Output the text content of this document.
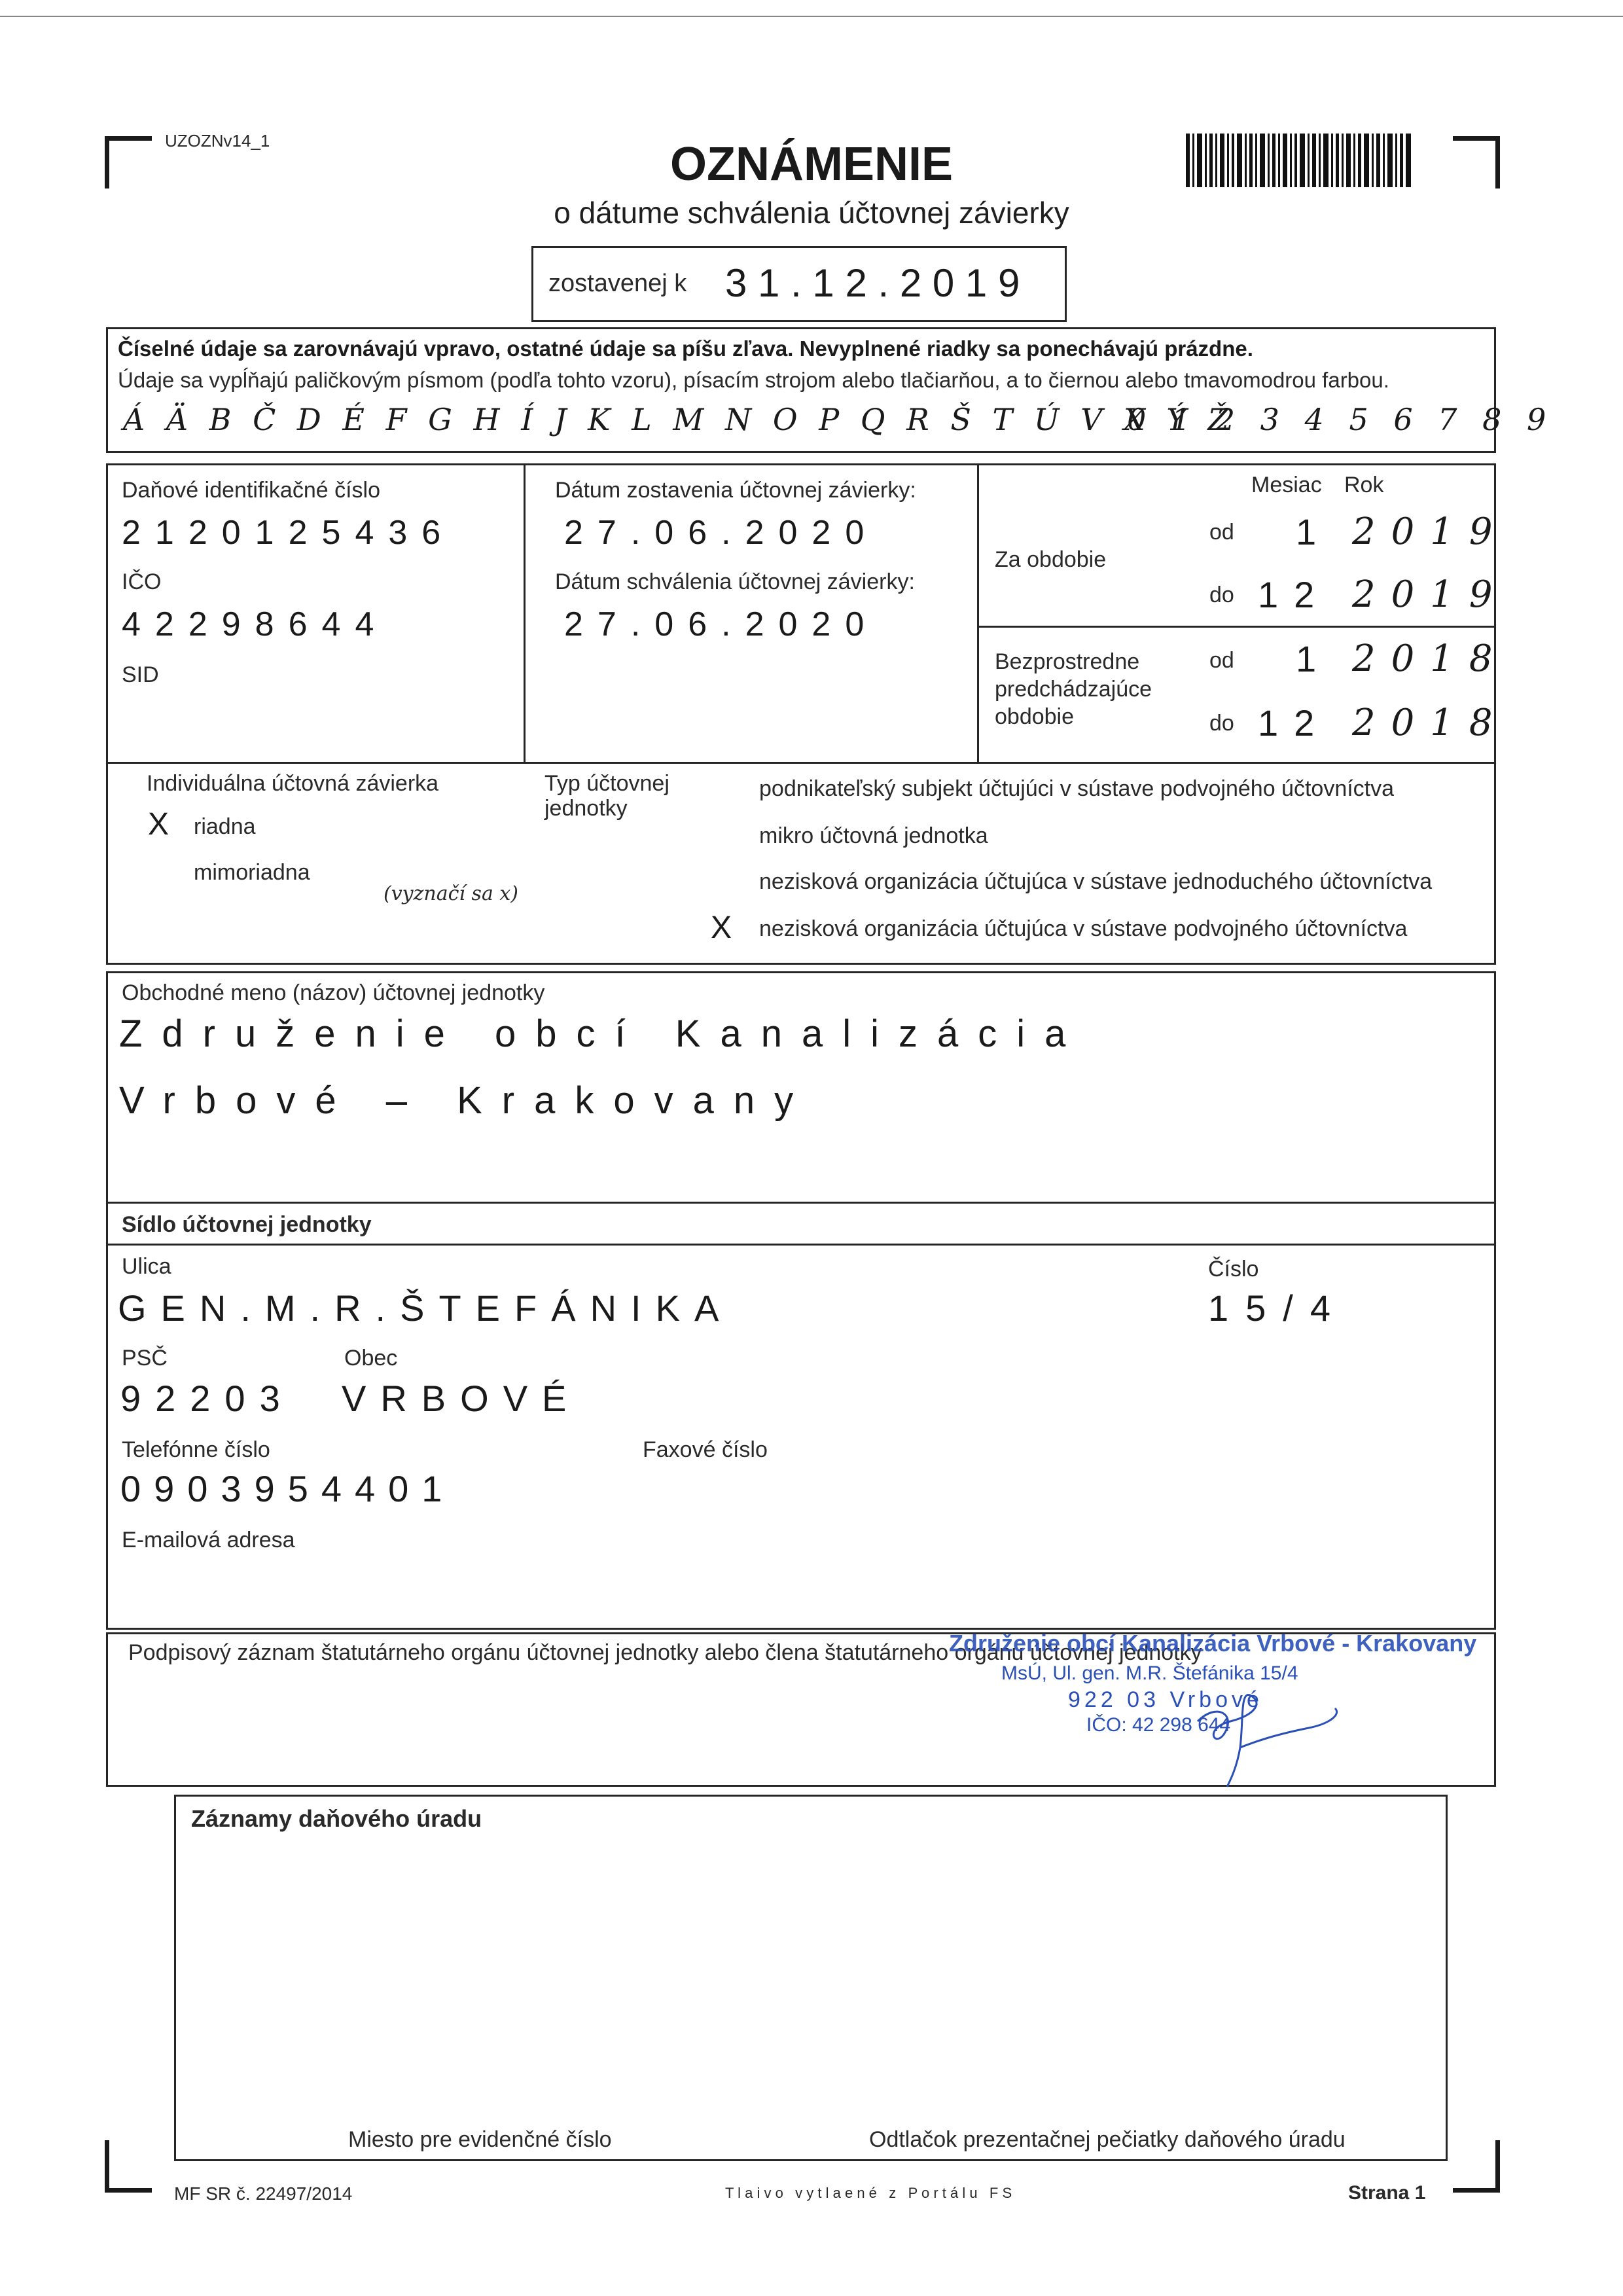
UZOZNv14_1	OZNÁMENIE
o dátume schválenia účtovnej závierky
zostavenej k 3 1 . 1 2 . 2 0 1 9
Číselné údaje sa zarovnávajú vpravo, ostatné údaje sa píšu zľava. Nevyplnené riadky sa ponechávajú prázdne.
Údaje sa vypĺňajú paličkovým písmom (podľa tohto vzoru), písacím strojom alebo tlačiarňou, a to čiernou alebo tmavomodrou farbou.
Á Ä B Č D É F G H Í J K L M N O P Q R Š T Ú V X Ý Ž
0 1 2 3 4 5 6 7 8 9
Daňové identifikačné číslo
2120125436
IČO
42298644
SID
Dátum zostavenia účtovnej závierky:
27.06.2020
Dátum schválenia účtovnej závierky:
27.06.2020
Mesiac Rok
Za obdobie
Bezprostredne predchádzajúce obdobie
od 1 2019
do 12 2019
od 1 2018
do 12 2018
Individuálna účtovná závierka
X riadna
mimoriadna
(vyznačí sa x)
Typ účtovnej jednotky
podnikateľský subjekt účtujúci v sústave podvojného účtovníctva
mikro účtovná jednotka
nezisková organizácia účtujúca v sústave jednoduchého účtovníctva
X nezisková organizácia účtujúca v sústave podvojného účtovníctva
Obchodné meno (názov) účtovnej jednotky
Združenie obcí Kanalizácia
Vrbové – Krakovany
Sídlo účtovnej jednotky
Ulica
GEN.M.R.ŠTEFÁNIKA
Číslo
15/4
PSČ
92203
Obec
VRBOVÉ
Telefónne číslo
0903954401
Faxové číslo
E-mailová adresa
Podpisový záznam štatutárneho orgánu účtovnej jednotky alebo člena štatutárneho orgánu účtovnej jednotky
Združenie obcí Kanalizácia Vrbové - Krakovany
MsÚ, Ul. gen. M.R. Štefánika 15/4
922 03 Vrbové
IČO: 42 298 644
Záznamy daňového úradu
Miesto pre evidenčné číslo	Odtlačok prezentačnej pečiatky daňového úradu
MF SR č. 22497/2014	T l a i v o   v y t l a e n é   z   P o r t á l u   F S	Strana 1
